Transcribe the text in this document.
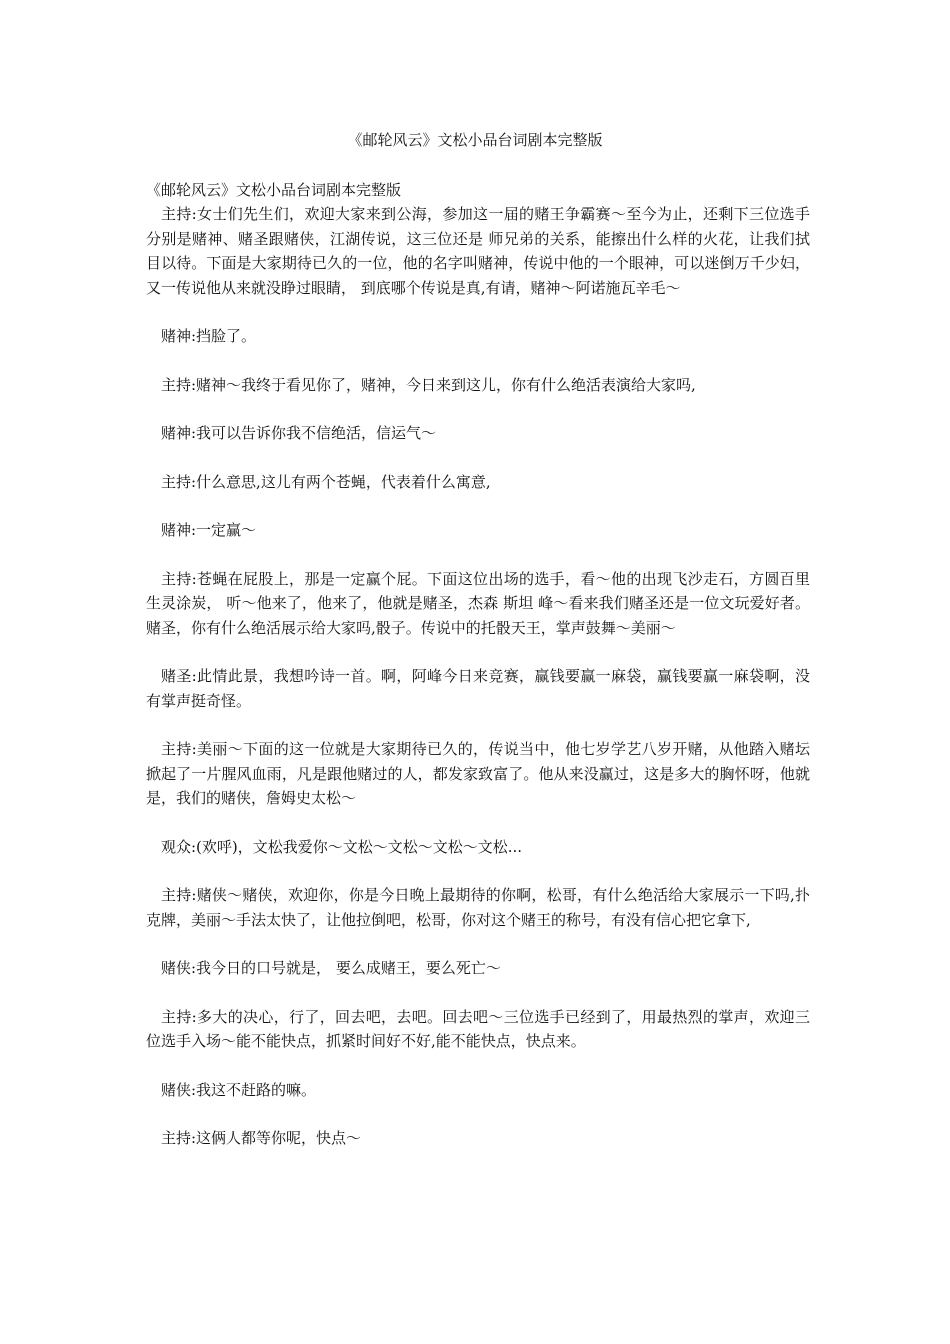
《邮轮风云》文松小品台词剧本完整版

《邮轮风云》文松小品台词剧本完整版

主持:女士们先生们，欢迎大家来到公海，参加这一届的赌王争霸赛～至今为止，还剩下三位选手分别是赌神、赌圣跟赌侠，江湖传说，这三位还是 师兄弟的关系，能擦出什么样的火花，让我们拭目以待。下面是大家期待已久的一位，他的名字叫赌神，传说中他的一个眼神，可以迷倒万千少妇，又一传说他从来就没睁过眼睛， 到底哪个传说是真,有请，赌神～阿诺施瓦辛毛～

赌神:挡脸了。

主持:赌神～我终于看见你了，赌神，今日来到这儿，你有什么绝活表演给大家吗,

赌神:我可以告诉你我不信绝活，信运气～

主持:什么意思,这儿有两个苍蝇，代表着什么寓意,

赌神:一定赢～

主持:苍蝇在屁股上，那是一定赢个屁。下面这位出场的选手，看～他的出现飞沙走石，方圆百里生灵涂炭， 听～他来了，他来了，他就是赌圣，杰森 斯坦 峰～看来我们赌圣还是一位文玩爱好者。赌圣，你有什么绝活展示给大家吗,骰子。传说中的托骰天王，掌声鼓舞～美丽～

赌圣:此情此景，我想吟诗一首。啊，阿峰今日来竞赛，赢钱要赢一麻袋，赢钱要赢一麻袋啊，没有掌声挺奇怪。

主持:美丽～下面的这一位就是大家期待已久的，传说当中，他七岁学艺八岁开赌，从他踏入赌坛掀起了一片腥风血雨，凡是跟他赌过的人，都发家致富了。他从来没赢过，这是多大的胸怀呀，他就是，我们的赌侠，詹姆史太松～

观众:(欢呼)，文松我爱你～文松～文松～文松～文松...

主持:赌侠～赌侠，欢迎你，你是今日晚上最期待的你啊，松哥，有什么绝活给大家展示一下吗,扑克牌，美丽～手法太快了，让他拉倒吧，松哥，你对这个赌王的称号，有没有信心把它拿下,

赌侠:我今日的口号就是， 要么成赌王，要么死亡～

主持:多大的决心，行了，回去吧，去吧。回去吧～三位选手已经到了，用最热烈的掌声，欢迎三位选手入场～能不能快点，抓紧时间好不好,能不能快点，快点来。

赌侠:我这不赶路的嘛。

主持:这俩人都等你呢，快点～
